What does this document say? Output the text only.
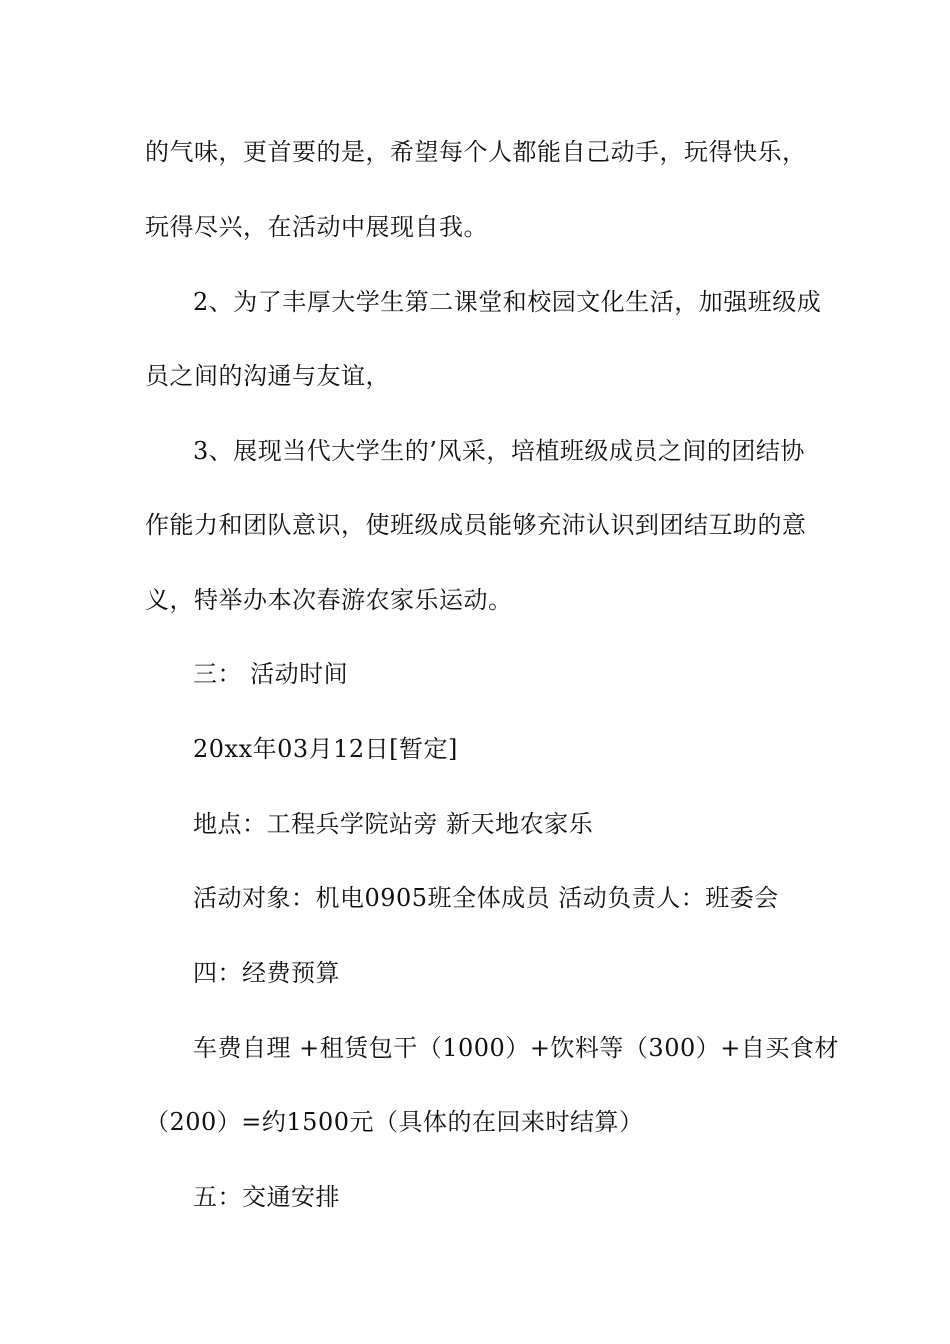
的气味，更首要的是，希望每个人都能自己动手，玩得快乐，
玩得尽兴，在活动中展现自我。
2、为了丰厚大学生第二课堂和校园文化生活，加强班级成
员之间的沟通与友谊，
3、展现当代大学生的’风采，培植班级成员之间的团结协
作能力和团队意识，使班级成员能够充沛认识到团结互助的意
义，特举办本次春游农家乐运动。
三： 活动时间
20xx年03月12日[暂定]
地点：工程兵学院站旁 新天地农家乐
活动对象：机电0905班全体成员 活动负责人：班委会
四：经费预算
车费自理 +租赁包干（1000）+饮料等（300）+自买食材
（200）=约1500元（具体的在回来时结算）
五：交通安排
